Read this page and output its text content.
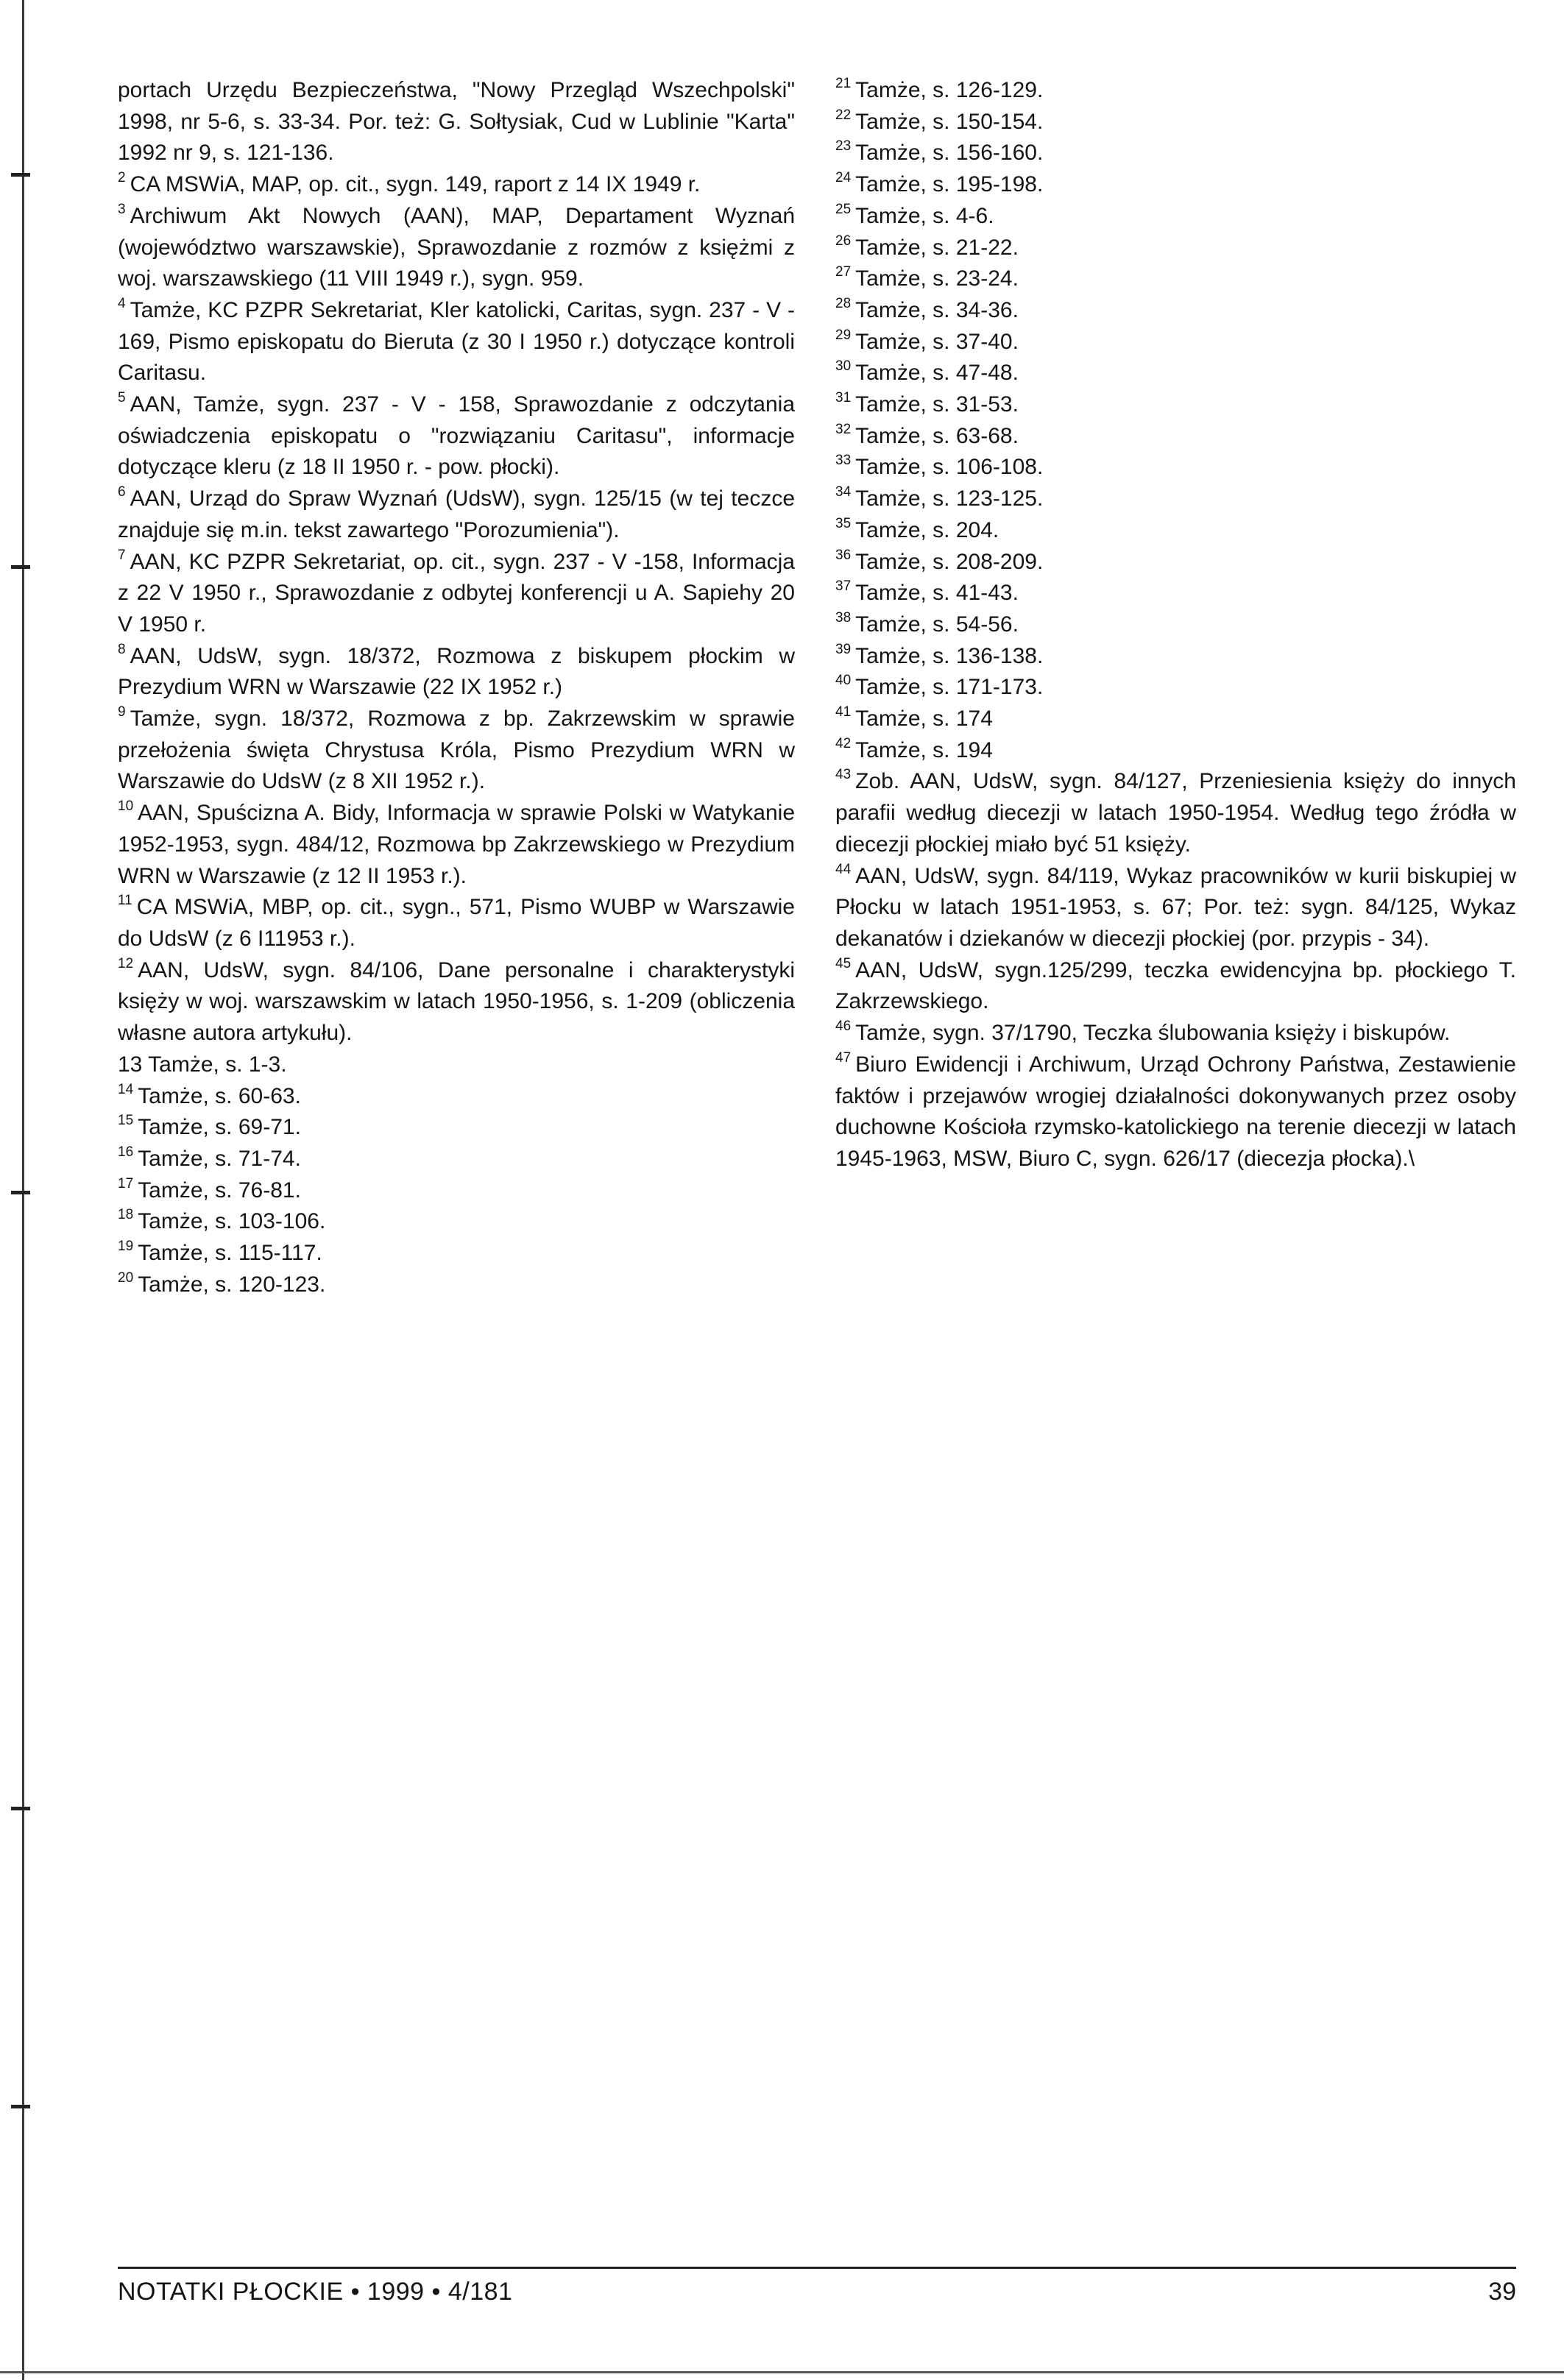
portach Urzędu Bezpieczeństwa, "Nowy Przegląd Wszechpolski" 1998, nr 5-6, s. 33-34. Por. też: G. Sołtysiak, Cud w Lublinie "Karta" 1992 nr 9, s. 121-136.

$^2$ CA MSWiA, MAP, op. cit., sygn. 149, raport z 14 IX 1949 r.

$^3$ Archiwum Akt Nowych (AAN), MAP, Departament Wyznań (województwo warszawskie), Sprawozdanie z rozmów z księżmi z woj. warszawskiego (11 VIII 1949 r.), sygn. 959.

$^4$ Tamże, KC PZPR Sekretariat, Kler katolicki, Caritas, sygn. 237 - V - 169, Pismo episkopatu do Bieruta (z 30 I 1950 r.) dotyczące kontroli Caritasu.

$^5$ AAN, Tamże, sygn. 237 - V - 158, Sprawozdanie z odczytania oświadczenia episkopatu o "rozwiązaniu Caritasu", informacje dotyczące kleru (z 18 II 1950 r. - pow. płocki).

$^6$ AAN, Urząd do Spraw Wyznań (UdsW), sygn. 125/15 (w tej teczce znajduje się m.in. tekst zawartego "Porozumienia").

$^7$ AAN, KC PZPR Sekretariat, op. cit., sygn. 237 - V -158, Informacja z 22 V 1950 r., Sprawozdanie z odbytej konferencji u A. Sapiehy 20 V 1950 r.

$^8$ AAN, UdsW, sygn. 18/372, Rozmowa z biskupem płockim w Prezydium WRN w Warszawie (22 IX 1952 r.)

$^9$ Tamże, sygn. 18/372, Rozmowa z bp. Zakrzewskim w sprawie przełożenia święta Chrystusa Króla, Pismo Prezydium WRN w Warszawie do UdsW (z 8 XII 1952 r.).

$^{10}$ AAN, Spuścizna A. Bidy, Informacja w sprawie Polski w Watykanie 1952-1953, sygn. 484/12, Rozmowa bp Zakrzewskiego w Prezydium WRN w Warszawie (z 12 II 1953 r.).

$^{11}$ CA MSWiA, MBP, op. cit., sygn., 571, Pismo WUBP w Warszawie do UdsW (z 6 I11953 r.).

$^{12}$ AAN, UdsW, sygn. 84/106, Dane personalne i charakterystyki księży w woj. warszawskim w latach 1950-1956, s. 1-209 (obliczenia własne autora artykułu).

13 Tamże, s. 1-3.

$^{14}$ Tamże, s. 60-63.

$^{15}$ Tamże, s. 69-71.

$^{16}$ Tamże, s. 71-74.

$^{17}$ Tamże, s. 76-81.

$^{18}$ Tamże, s. 103-106.

$^{19}$ Tamże, s. 115-117.

$^{20}$ Tamże, s. 120-123.

$^{21}$ Tamże, s. 126-129.

$^{22}$ Tamże, s. 150-154.

$^{23}$ Tamże, s. 156-160.

$^{24}$ Tamże, s. 195-198.

$^{25}$ Tamże, s. 4-6.

$^{26}$ Tamże, s. 21-22.

$^{27}$ Tamże, s. 23-24.

$^{28}$ Tamże, s. 34-36.

$^{29}$ Tamże, s. 37-40.

$^{30}$ Tamże, s. 47-48.

$^{31}$ Tamże, s. 31-53.

$^{32}$ Tamże, s. 63-68.

$^{33}$ Tamże, s. 106-108.

$^{34}$ Tamże, s. 123-125.

$^{35}$ Tamże, s. 204.

$^{36}$ Tamże, s. 208-209.

$^{37}$ Tamże, s. 41-43.

$^{38}$ Tamże, s. 54-56.

$^{39}$ Tamże, s. 136-138.

$^{40}$ Tamże, s. 171-173.

$^{41}$ Tamże, s. 174

$^{42}$ Tamże, s. 194

$^{43}$ Zob. AAN, UdsW, sygn. 84/127, Przeniesienia księży do innych parafii według diecezji w latach 1950-1954. Według tego źródła w diecezji płockiej miało być 51 księży.

$^{44}$ AAN, UdsW, sygn. 84/119, Wykaz pracowników w kurii biskupiej w Płocku w latach 1951-1953, s. 67; Por. też: sygn. 84/125, Wykaz dekanatów i dziekanów w diecezji płockiej (por. przypis - 34).

$^{45}$ AAN, UdsW, sygn.125/299, teczka ewidencyjna bp. płockiego T. Zakrzewskiego.

$^{46}$ Tamże, sygn. 37/1790, Teczka ślubowania księży i biskupów.

$^{47}$ Biuro Ewidencji i Archiwum, Urząd Ochrony Państwa, Zestawienie faktów i przejawów wrogiej działalności dokonywanych przez osoby duchowne Kościoła rzymsko-katolickiego na terenie diecezji w latach 1945-1963, MSW, Biuro C, sygn. 626/17 (diecezja płocka).\

NOTATKI PŁOCKIE • 1999 • 4/181	39
